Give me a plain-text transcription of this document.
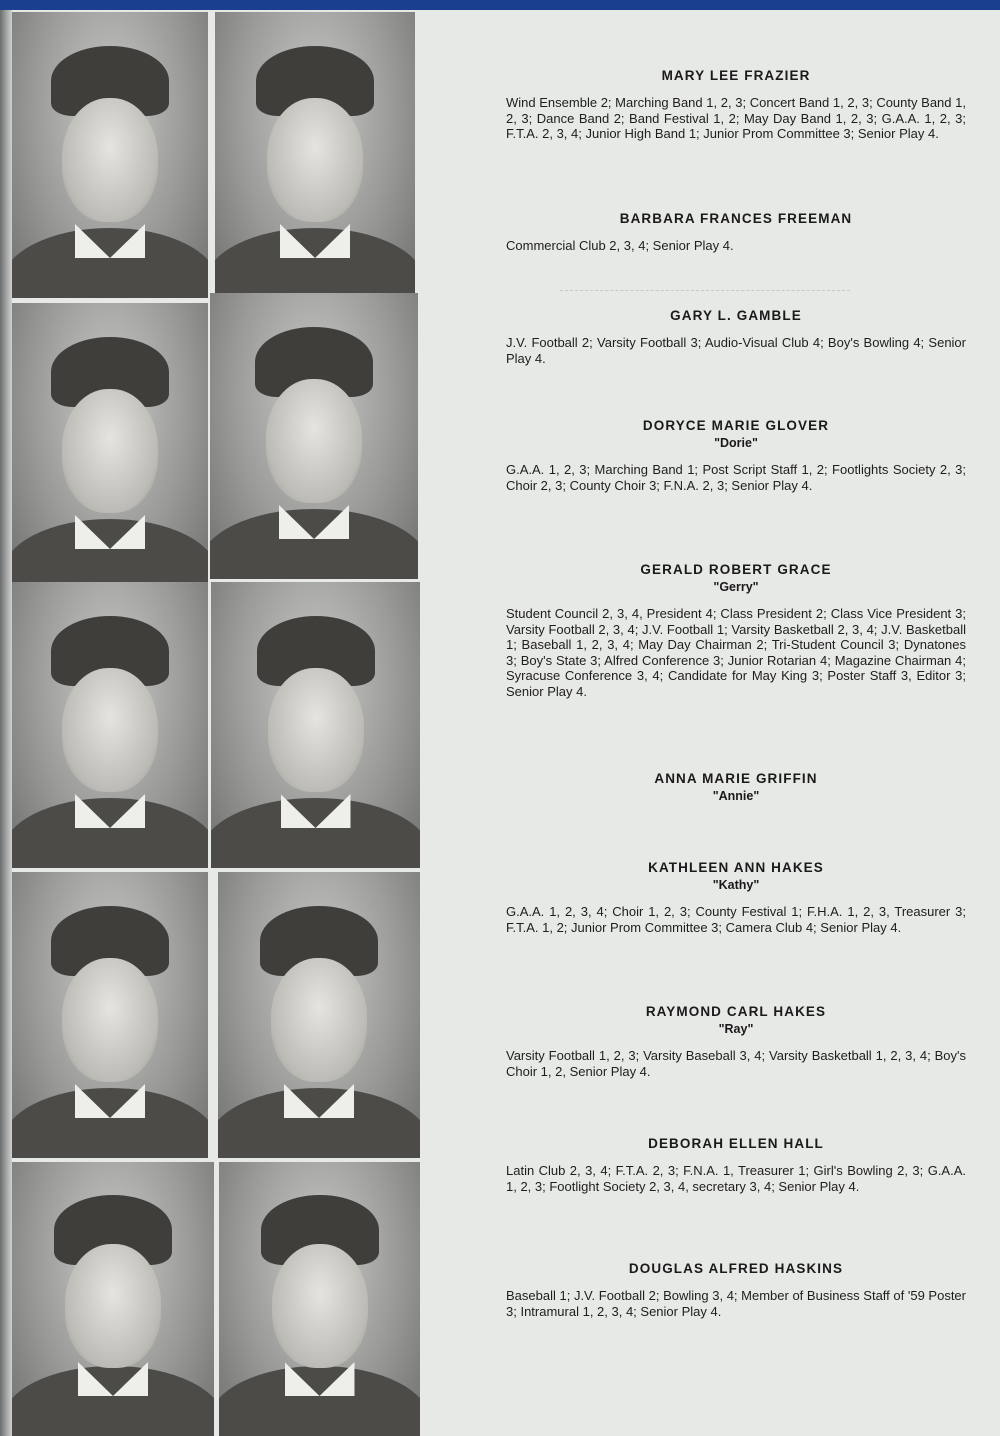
MARY LEE FRAZIER
Wind Ensemble 2; Marching Band 1, 2, 3; Concert Band 1, 2, 3; County Band 1, 2, 3; Dance Band 2; Band Festival 1, 2; May Day Band 1, 2, 3; G.A.A. 1, 2, 3; F.T.A. 2, 3, 4; Junior High Band 1; Junior Prom Committee 3; Senior Play 4.
BARBARA FRANCES FREEMAN
Commercial Club 2, 3, 4; Senior Play 4.
GARY L. GAMBLE
J.V. Football 2; Varsity Football 3; Audio-Visual Club 4; Boy's Bowling 4; Senior Play 4.
DORYCE MARIE GLOVER
"Dorie"
G.A.A. 1, 2, 3; Marching Band 1; Post Script Staff 1, 2; Footlights Society 2, 3; Choir 2, 3; County Choir 3; F.N.A. 2, 3; Senior Play 4.
GERALD ROBERT GRACE
"Gerry"
Student Council 2, 3, 4, President 4; Class President 2; Class Vice President 3; Varsity Football 2, 3, 4; J.V. Football 1; Varsity Basketball 2, 3, 4; J.V. Basketball 1; Baseball 1, 2, 3, 4; May Day Chairman 2; Tri-Student Council 3; Dynatones 3; Boy's State 3; Alfred Conference 3; Junior Rotarian 4; Magazine Chairman 4; Syracuse Conference 3, 4; Candidate for May King 3; Poster Staff 3, Editor 3; Senior Play 4.
ANNA MARIE GRIFFIN
"Annie"
KATHLEEN ANN HAKES
"Kathy"
G.A.A. 1, 2, 3, 4; Choir 1, 2, 3; County Festival 1; F.H.A. 1, 2, 3, Treasurer 3; F.T.A. 1, 2; Junior Prom Committee 3; Camera Club 4; Senior Play 4.
RAYMOND CARL HAKES
"Ray"
Varsity Football 1, 2, 3; Varsity Baseball 3, 4; Varsity Basketball 1, 2, 3, 4; Boy's Choir 1, 2, Senior Play 4.
DEBORAH ELLEN HALL
Latin Club 2, 3, 4; F.T.A. 2, 3; F.N.A. 1, Treasurer 1; Girl's Bowling 2, 3; G.A.A. 1, 2, 3; Footlight Society 2, 3, 4, secretary 3, 4; Senior Play 4.
DOUGLAS ALFRED HASKINS
Baseball 1; J.V. Football 2; Bowling 3, 4; Member of Business Staff of '59 Poster 3; Intramural 1, 2, 3, 4; Senior Play 4.
